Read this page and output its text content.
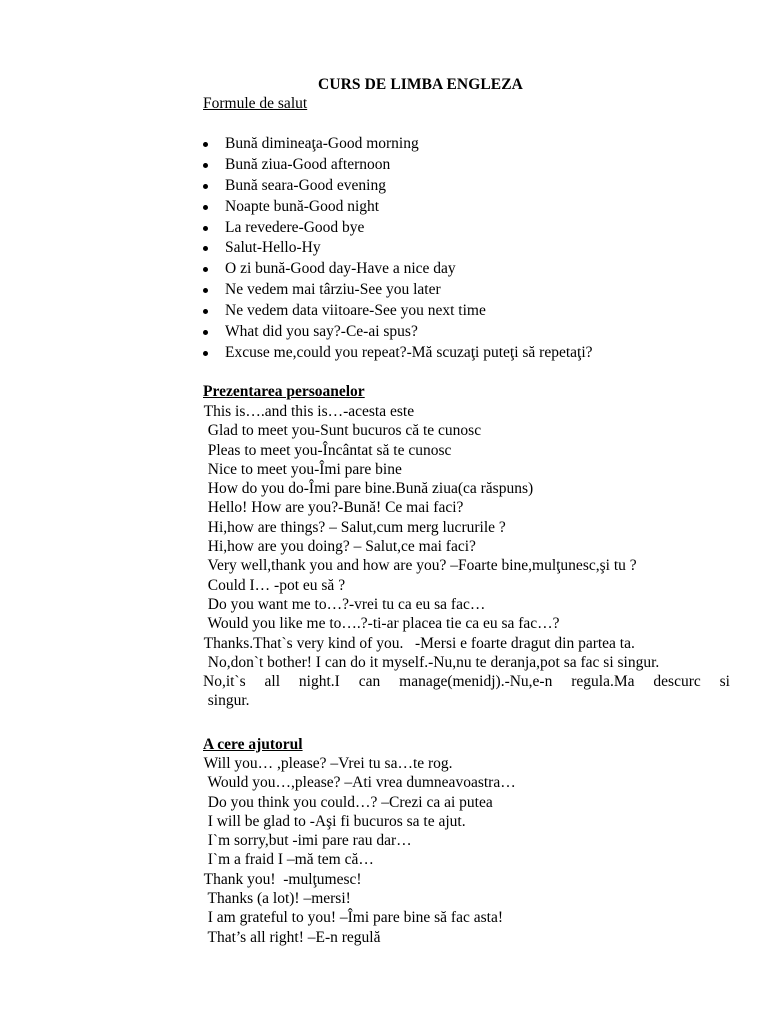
CURS DE LIMBA ENGLEZA
Formule de salut
Bună dimineaţa-Good morning
Bună ziua-Good afternoon
Bună seara-Good evening
Noapte bună-Good night
La revedere-Good bye
Salut-Hello-Hy
O zi bună-Good day-Have a nice day
Ne vedem mai târziu-See you later
Ne vedem data viitoare-See you next time
What did you say?-Ce-ai spus?
Excuse me,could you repeat?-Mă scuzaţi puteţi să repetaţi?
Prezentarea persoanelor
This is….and this is…-acesta este
Glad to meet you-Sunt bucuros că te cunosc
Pleas to meet you-Încântat să te cunosc
Nice to meet you-Îmi pare bine
How do you do-Îmi pare bine.Bună ziua(ca răspuns)
Hello! How are you?-Bună! Ce mai faci?
Hi,how are things? – Salut,cum merg lucrurile ?
Hi,how are you doing? – Salut,ce mai faci?
Very well,thank you and how are you? –Foarte bine,mulţunesc,şi tu ?
Could I… -pot eu să ?
Do you want me to…?-vrei tu ca eu sa fac…
Would you like me to….?-ti-ar placea tie ca eu sa fac…?
Thanks.That`s very kind of you.   -Mersi e foarte dragut din partea ta.
No,don`t bother! I can do it myself.-Nu,nu te deranja,pot sa fac si singur.
No,it`s all night.I can manage(menidj).-Nu,e-n regula.Ma descurc si
singur.
A cere ajutorul
Will you… ,please? –Vrei tu sa…te rog.
Would you…,please? –Ati vrea dumneavoastra…
Do you think you could…? –Crezi ca ai putea
I will be glad to -Aşi fi bucuros sa te ajut.
I`m sorry,but -imi pare rau dar…
I`m a fraid I –mă tem că…
Thank you!  -mulţumesc!
Thanks (a lot)! –mersi!
I am grateful to you! –Îmi pare bine să fac asta!
That’s all right! –E-n regulă
